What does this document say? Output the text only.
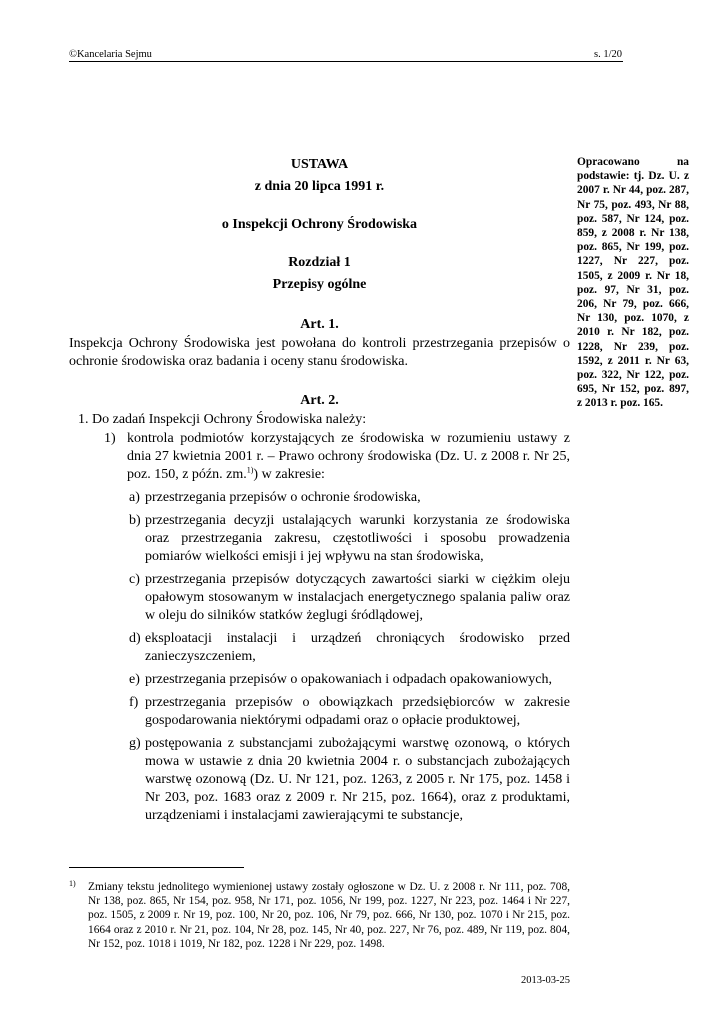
©Kancelaria Sejmu	s. 1/20
Opracowano na podstawie: tj. Dz. U. z 2007 r. Nr 44, poz. 287, Nr 75, poz. 493, Nr 88, poz. 587, Nr 124, poz. 859, z 2008 r. Nr 138, poz. 865, Nr 199, poz. 1227, Nr 227, poz. 1505, z 2009 r. Nr 18, poz. 97, Nr 31, poz. 206, Nr 79, poz. 666, Nr 130, poz. 1070, z 2010 r. Nr 182, poz. 1228, Nr 239, poz. 1592, z 2011 r. Nr 63, poz. 322, Nr 122, poz. 695, Nr 152, poz. 897, z 2013 r. poz. 165.
USTAWA
z dnia 20 lipca 1991 r.
o Inspekcji Ochrony Środowiska
Rozdział 1
Przepisy ogólne
Art. 1.
Inspekcja Ochrony Środowiska jest powołana do kontroli przestrzegania przepisów o ochronie środowiska oraz badania i oceny stanu środowiska.
Art. 2.
1. Do zadań Inspekcji Ochrony Środowiska należy:
1) kontrola podmiotów korzystających ze środowiska w rozumieniu ustawy z dnia 27 kwietnia 2001 r. – Prawo ochrony środowiska (Dz. U. z 2008 r. Nr 25, poz. 150, z późn. zm.$^{1)}$) w zakresie:
a) przestrzegania przepisów o ochronie środowiska,
b) przestrzegania decyzji ustalających warunki korzystania ze środowiska oraz przestrzegania zakresu, częstotliwości i sposobu prowadzenia pomiarów wielkości emisji i jej wpływu na stan środowiska,
c) przestrzegania przepisów dotyczących zawartości siarki w ciężkim oleju opałowym stosowanym w instalacjach energetycznego spalania paliw oraz w oleju do silników statków żeglugi śródlądowej,
d) eksploatacji instalacji i urządzeń chroniących środowisko przed zanieczyszczeniem,
e) przestrzegania przepisów o opakowaniach i odpadach opakowaniowych,
f) przestrzegania przepisów o obowiązkach przedsiębiorców w zakresie gospodarowania niektórymi odpadami oraz o opłacie produktowej,
g) postępowania z substancjami zubożającymi warstwę ozonową, o których mowa w ustawie z dnia 20 kwietnia 2004 r. o substancjach zubożających warstwę ozonową (Dz. U. Nr 121, poz. 1263, z 2005 r. Nr 175, poz. 1458 i Nr 203, poz. 1683 oraz z 2009 r. Nr 215, poz. 1664), oraz z produktami, urządzeniami i instalacjami zawierającymi te substancje,
1) Zmiany tekstu jednolitego wymienionej ustawy zostały ogłoszone w Dz. U. z 2008 r. Nr 111, poz. 708, Nr 138, poz. 865, Nr 154, poz. 958, Nr 171, poz. 1056, Nr 199, poz. 1227, Nr 223, poz. 1464 i Nr 227, poz. 1505, z 2009 r. Nr 19, poz. 100, Nr 20, poz. 106, Nr 79, poz. 666, Nr 130, poz. 1070 i Nr 215, poz. 1664 oraz z 2010 r. Nr 21, poz. 104, Nr 28, poz. 145, Nr 40, poz. 227, Nr 76, poz. 489, Nr 119, poz. 804, Nr 152, poz. 1018 i 1019, Nr 182, poz. 1228 i Nr 229, poz. 1498.
2013-03-25
